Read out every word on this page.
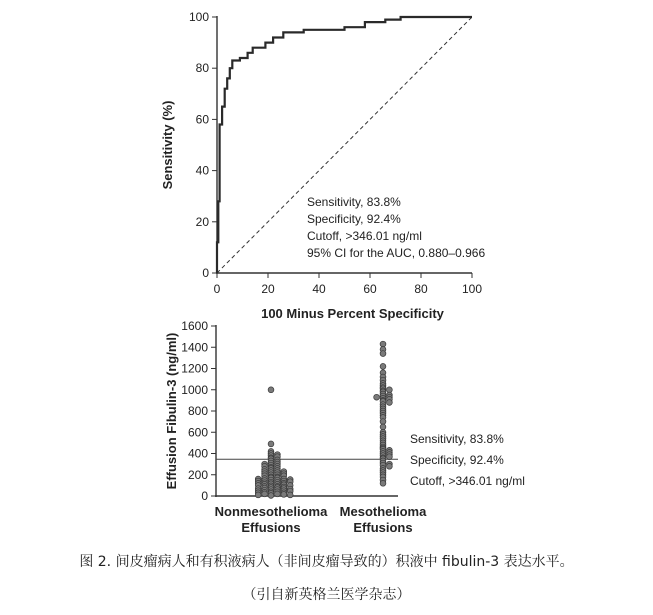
0
20
40
60
80
100
0	20	40	60	80	100
100 Minus Percent Specificity
Sensitivity (%)
Sensitivity, 83.8%
Specificity, 92.4%
Cutoff, >346.01 ng/ml
95% CI for the AUC, 0.880–0.966
0
200
400
600
800
1000
1200
1400
1600
Effusion Fibulin-3 (ng/ml)
Nonmesothelioma
Effusions
Mesothelioma
Effusions
Sensitivity, 83.8%
Specificity, 92.4%
Cutoff, >346.01 ng/ml
图 2. 间皮瘤病人和有积液病人（非间皮瘤导致的）积液中 fibulin-3 表达水平。
（引自新英格兰医学杂志）
